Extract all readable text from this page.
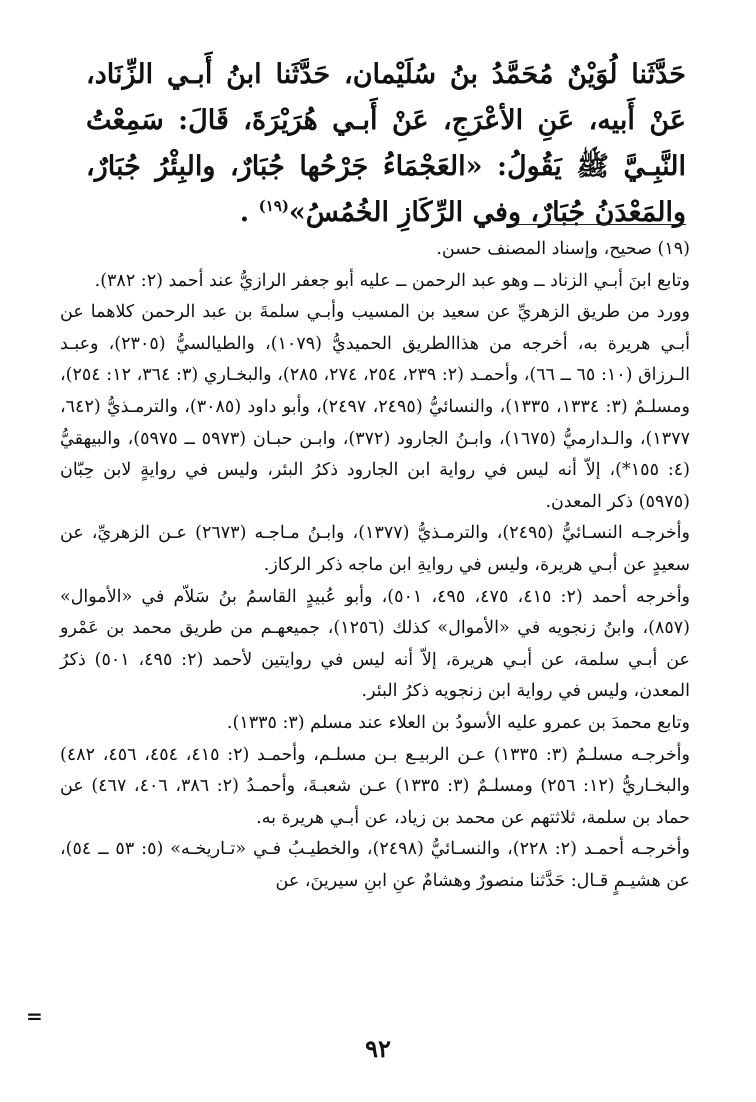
حَدَّثَنا لُوَيْنٌ مُحَمَّدُ بنُ سُلَيْمان، حَدَّثَنا ابنُ أَبـي الزِّنَاد، عَنْ أَبيه، عَنِ الأعْرَجِ، عَنْ أَبـي هُرَيْرَةَ، قَالَ: سَمِعْتُ النَّبِـيَّ ﷺ يَقُولُ: «العَجْمَاءُ جَرْحُها جُبَارٌ، والبِئْرُ جُبَارٌ، والمَعْدَنُ جُبَارٌ، وفي الرِّكَازِ الخُمُسُ»$^{(١٩)}$ .

(١٩) صحيح، وإسناد المصنف حسن.

وتابع ابنَ أبـي الزناد ــ وهو عبد الرحمن ــ عليه أبو جعفر الرازيُّ عند أحمد (٢: ٣٨٢).

وورد من طريق الزهريِّ عن سعيد بن المسيب وأبـي سلمةَ بن عبد الرحمن كلاهما عن أبـي هريرة به، أخرجه من هذاالطريق الحميديُّ (١٠٧٩)، والطيالسيُّ (٢٣٠٥)، وعبـد الـرزاق (١٠: ٦٥ ــ ٦٦)، وأحمـد (٢: ٢٣٩، ٢٥٤، ٢٧٤، ٢٨٥)، والبخـاري (٣: ٣٦٤، ١٢: ٢٥٤)، ومسلـمٌ (٣: ١٣٣٤، ١٣٣٥)، والنسائيُّ (٢٤٩٥، ٢٤٩٧)، وأبو داود (٣٠٨٥)، والترمـذيُّ (٦٤٢، ١٣٧٧)، والـدارميُّ (١٦٧٥)، وابـنُ الجارود (٣٧٢)، وابـن حبـان (٥٩٧٣ ــ ٥٩٧٥)، والبيهقيُّ (٤: ١٥٥*)، إلاّ أنه ليس في رواية ابن الجارود ذكرُ البئر، وليس في روايةٍ لابن حِبّان (٥٩٧٥) ذكر المعدن.

وأخرجـه النسـائيُّ (٢٤٩٥)، والترمـذيُّ (١٣٧٧)، وابـنُ مـاجـه (٢٦٧٣) عـن الزهريِّ، عن سعيدٍ عن أبـي هريرة، وليس في روايةِ ابن ماجه ذكر الركاز.

وأخرجه أحمد (٢: ٤١٥، ٤٧٥، ٤٩٥، ٥٠١)، وأبو عُبيدٍ القاسمُ بنُ سَلاّم في «الأموال» (٨٥٧)، وابنُ زنجويه في «الأموال» كذلك (١٢٥٦)، جميعهـم من طريق محمد بن عَمْرو عن أبـي سلمة، عن أبـي هريرة، إلاّ أنه ليس في روايتين لأحمد (٢: ٤٩٥، ٥٠١) ذكرُ المعدن، وليس في رواية ابن زنجويه ذكرُ البئر.

وتابع محمدَ بن عمرو عليه الأسودُ بن العلاء عند مسلم (٣: ١٣٣٥).

وأخرجـه مسلـمٌ (٣: ١٣٣٥) عـن الربيـع بـن مسلـم، وأحمـد (٢: ٤١٥، ٤٥٤، ٤٥٦، ٤٨٢) والبخـاريُّ (١٢: ٢٥٦) ومسلـمٌ (٣: ١٣٣٥) عـن شعبـةَ، وأحمـدُ (٢: ٣٨٦، ٤٠٦، ٤٦٧) عن حماد بن سلمة، ثلاثتهم عن محمد بن زياد، عن أبـي هريرة به.

وأخرجـه أحمـد (٢: ٢٢٨)، والنسـائيُّ (٢٤٩٨)، والخطيـبُ فـي «تـاريخـه» (٥: ٥٣ ــ ٥٤)، عن هشيـمٍ قـال: حَدَّثنا منصورٌ وهشامٌ عنِ ابنِ سيرينَ، عن

=
٩٢
